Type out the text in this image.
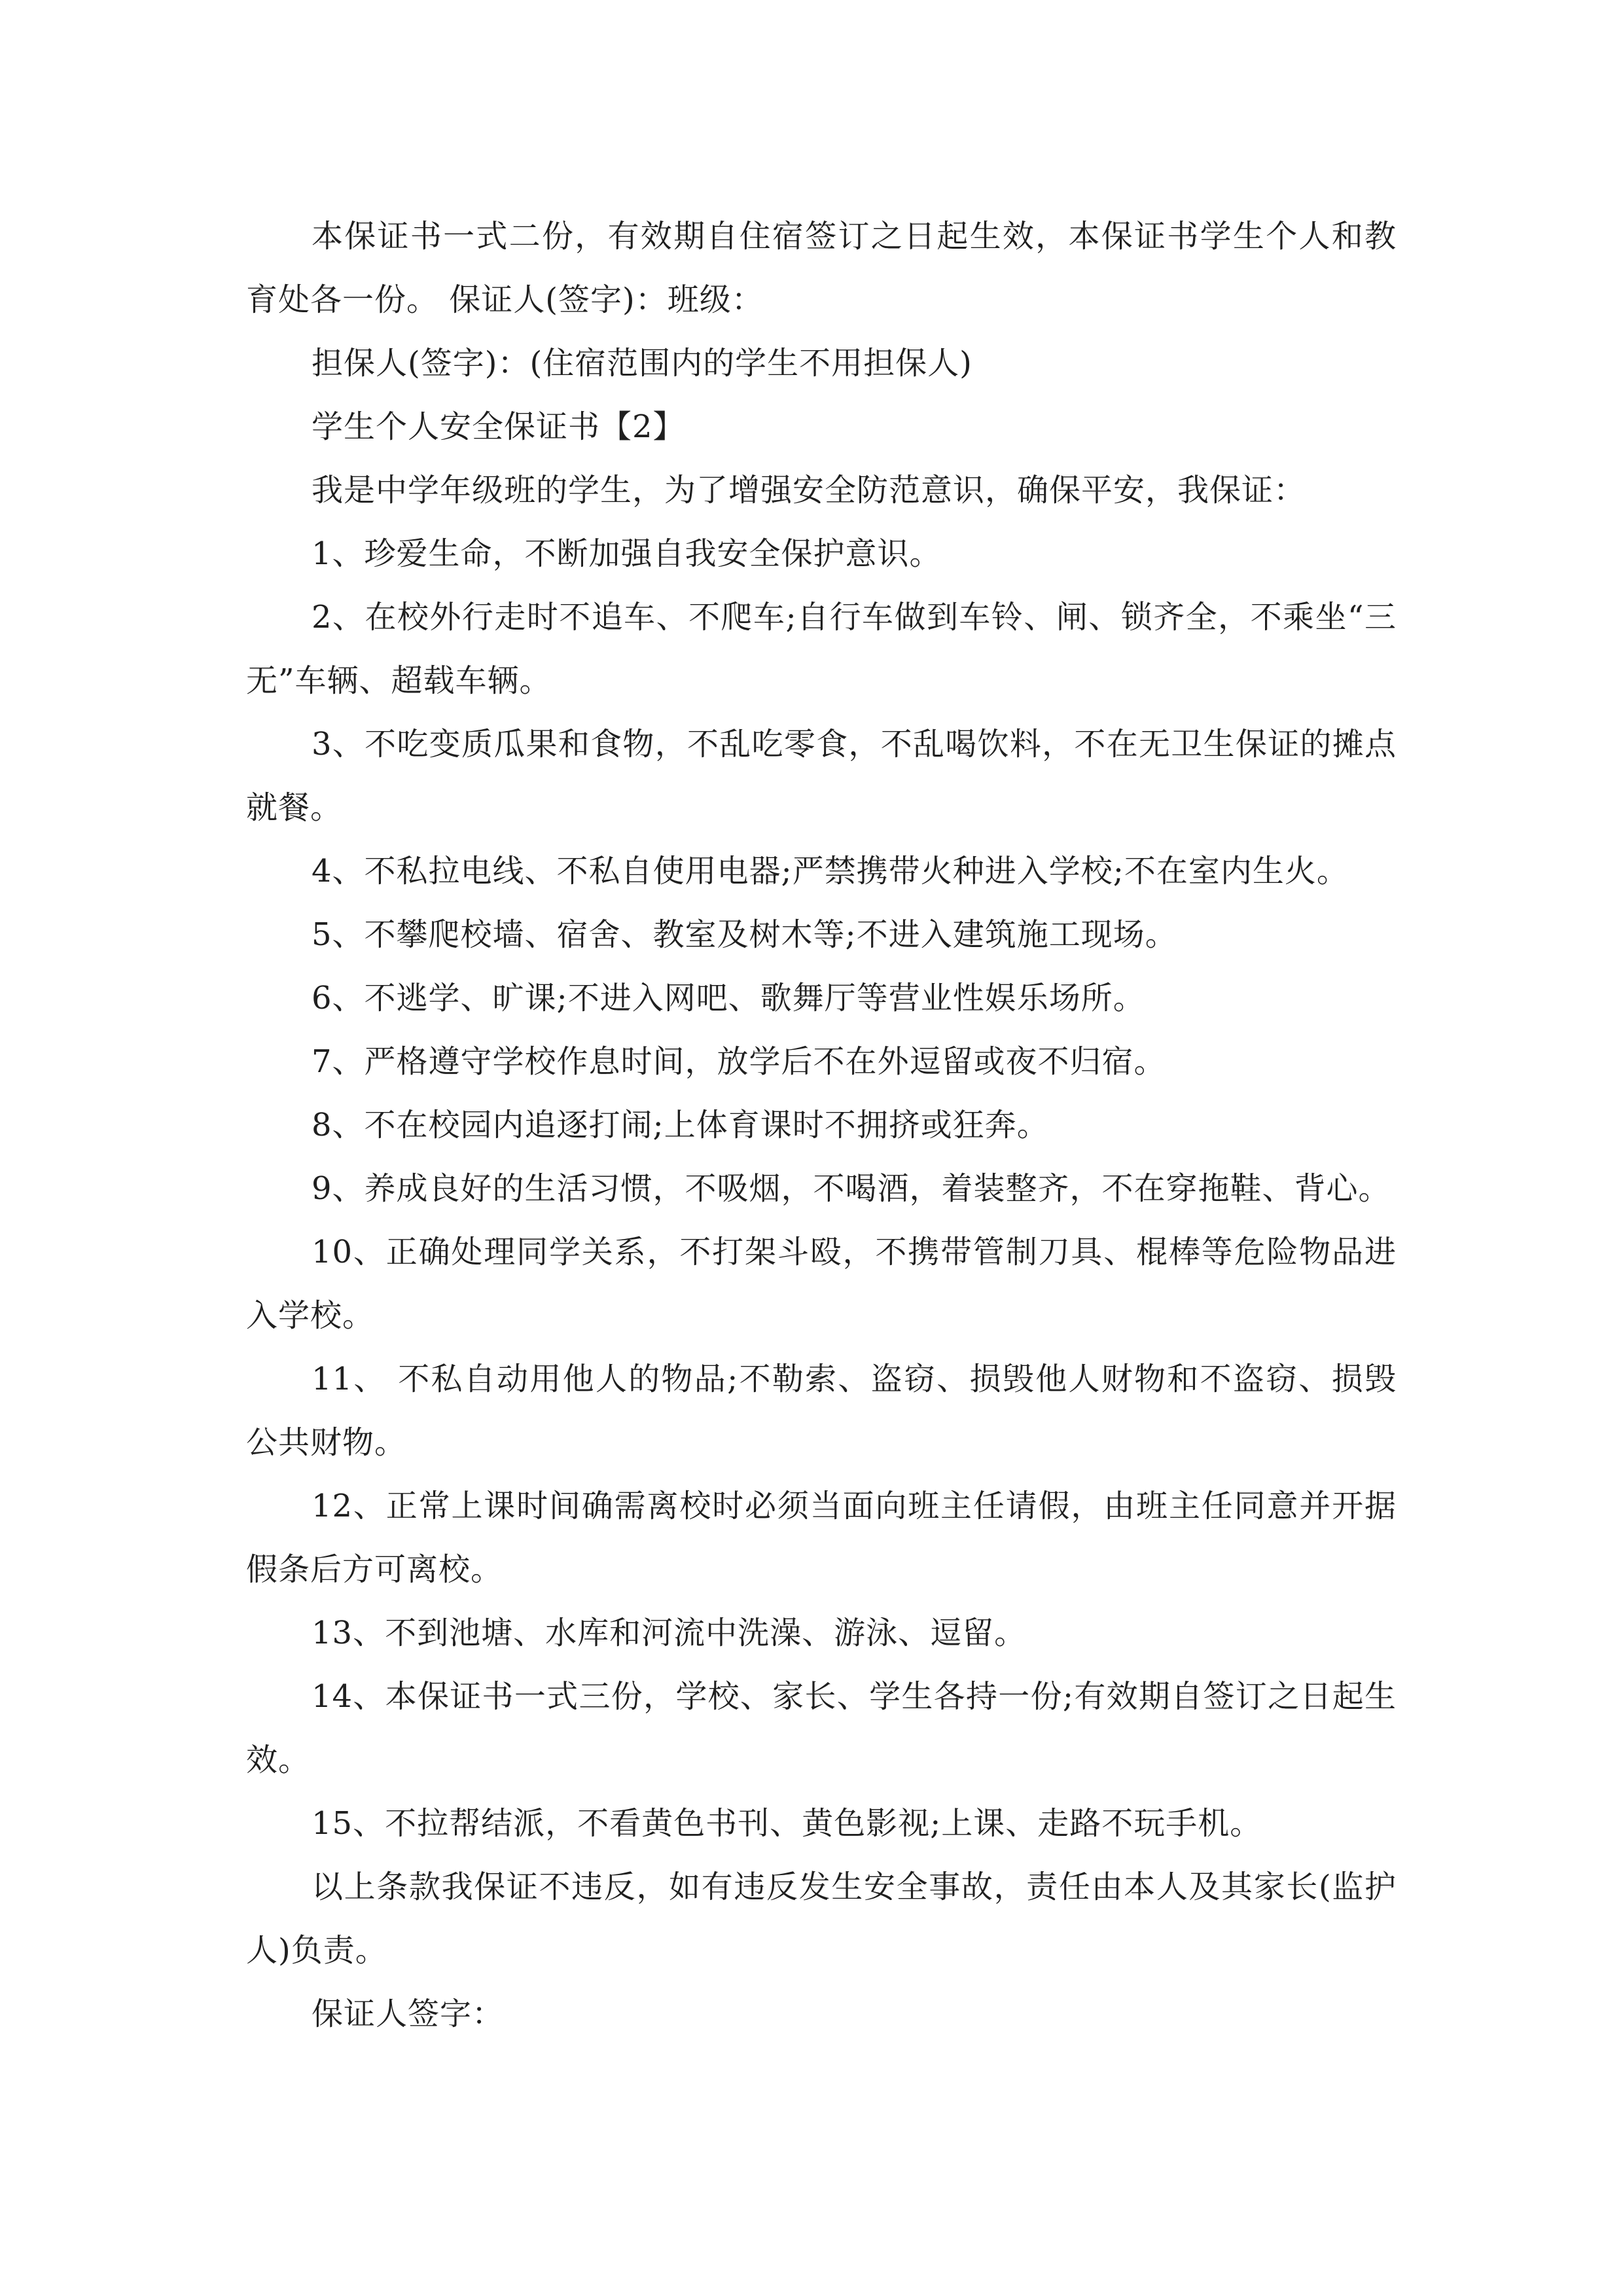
本保证书一式二份，有效期自住宿签订之日起生效，本保证书学生个人和教育处各一份。 保证人(签字)：班级：

担保人(签字)：(住宿范围内的学生不用担保人)

学生个人安全保证书【2】

我是中学年级班的学生，为了增强安全防范意识，确保平安，我保证：

1、珍爱生命，不断加强自我安全保护意识。

2、在校外行走时不追车、不爬车;自行车做到车铃、闸、锁齐全，不乘坐“三无”车辆、超载车辆。

3、不吃变质瓜果和食物，不乱吃零食，不乱喝饮料，不在无卫生保证的摊点就餐。

4、不私拉电线、不私自使用电器;严禁携带火种进入学校;不在室内生火。

5、不攀爬校墙、宿舍、教室及树木等;不进入建筑施工现场。

6、不逃学、旷课;不进入网吧、歌舞厅等营业性娱乐场所。

7、严格遵守学校作息时间，放学后不在外逗留或夜不归宿。

8、不在校园内追逐打闹;上体育课时不拥挤或狂奔。

9、养成良好的生活习惯，不吸烟，不喝酒，着装整齐，不在穿拖鞋、背心。

10、正确处理同学关系，不打架斗殴，不携带管制刀具、棍棒等危险物品进入学校。

11、 不私自动用他人的物品;不勒索、盗窃、损毁他人财物和不盗窃、损毁公共财物。

12、正常上课时间确需离校时必须当面向班主任请假，由班主任同意并开据假条后方可离校。

13、不到池塘、水库和河流中洗澡、游泳、逗留。

14、本保证书一式三份，学校、家长、学生各持一份;有效期自签订之日起生效。

15、不拉帮结派，不看黄色书刊、黄色影视;上课、走路不玩手机。

以上条款我保证不违反，如有违反发生安全事故，责任由本人及其家长(监护人)负责。

保证人签字：
